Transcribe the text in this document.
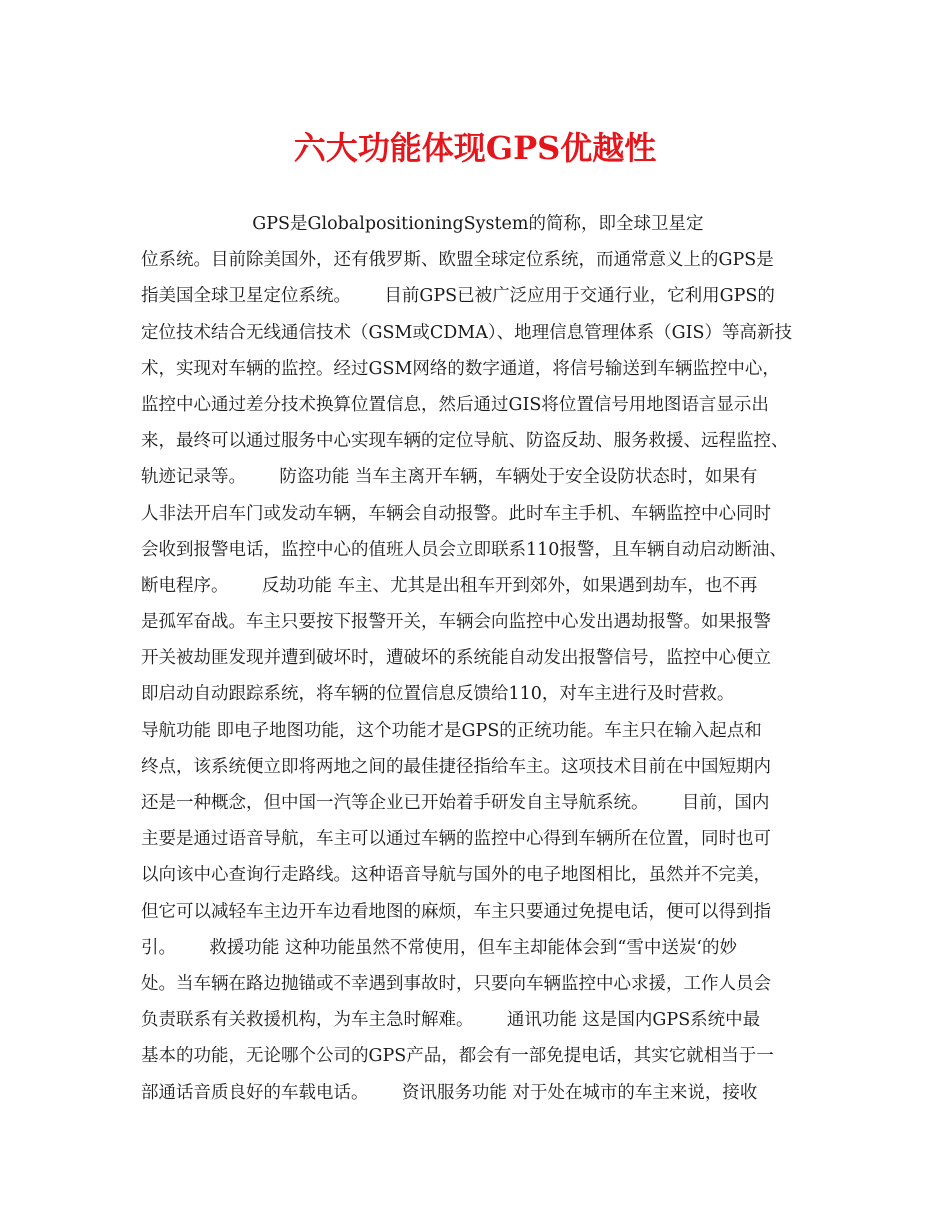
六大功能体现GPS优越性
GPS是GlobalpositioningSystem的简称，即全球卫星定
位系统。目前除美国外，还有俄罗斯、欧盟全球定位系统，而通常意义上的GPS是
指美国全球卫星定位系统。      目前GPS已被广泛应用于交通行业，它利用GPS的
定位技术结合无线通信技术（GSM或CDMA）、地理信息管理体系（GIS）等高新技
术，实现对车辆的监控。经过GSM网络的数字通道，将信号输送到车辆监控中心，
监控中心通过差分技术换算位置信息，然后通过GIS将位置信号用地图语言显示出
来，最终可以通过服务中心实现车辆的定位导航、防盗反劫、服务救援、远程监控、
轨迹记录等。      防盗功能 当车主离开车辆，车辆处于安全设防状态时，如果有
人非法开启车门或发动车辆，车辆会自动报警。此时车主手机、车辆监控中心同时
会收到报警电话，监控中心的值班人员会立即联系110报警，且车辆自动启动断油、
断电程序。      反劫功能 车主、尤其是出租车开到郊外，如果遇到劫车，也不再
是孤军奋战。车主只要按下报警开关，车辆会向监控中心发出遇劫报警。如果报警
开关被劫匪发现并遭到破坏时，遭破坏的系统能自动发出报警信号，监控中心便立
即启动自动跟踪系统，将车辆的位置信息反馈给110，对车主进行及时营救。
导航功能 即电子地图功能，这个功能才是GPS的正统功能。车主只在输入起点和
终点，该系统便立即将两地之间的最佳捷径指给车主。这项技术目前在中国短期内
还是一种概念，但中国一汽等企业已开始着手研发自主导航系统。      目前，国内
主要是通过语音导航，车主可以通过车辆的监控中心得到车辆所在位置，同时也可
以向该中心查询行走路线。这种语音导航与国外的电子地图相比，虽然并不完美，
但它可以减轻车主边开车边看地图的麻烦，车主只要通过免提电话，便可以得到指
引。      救援功能 这种功能虽然不常使用，但车主却能体会到“雪中送炭‘的妙
处。当车辆在路边抛锚或不幸遇到事故时，只要向车辆监控中心求援，工作人员会
负责联系有关救援机构，为车主急时解难。      通讯功能 这是国内GPS系统中最
基本的功能，无论哪个公司的GPS产品，都会有一部免提电话，其实它就相当于一
部通话音质良好的车载电话。      资讯服务功能 对于处在城市的车主来说，接收
